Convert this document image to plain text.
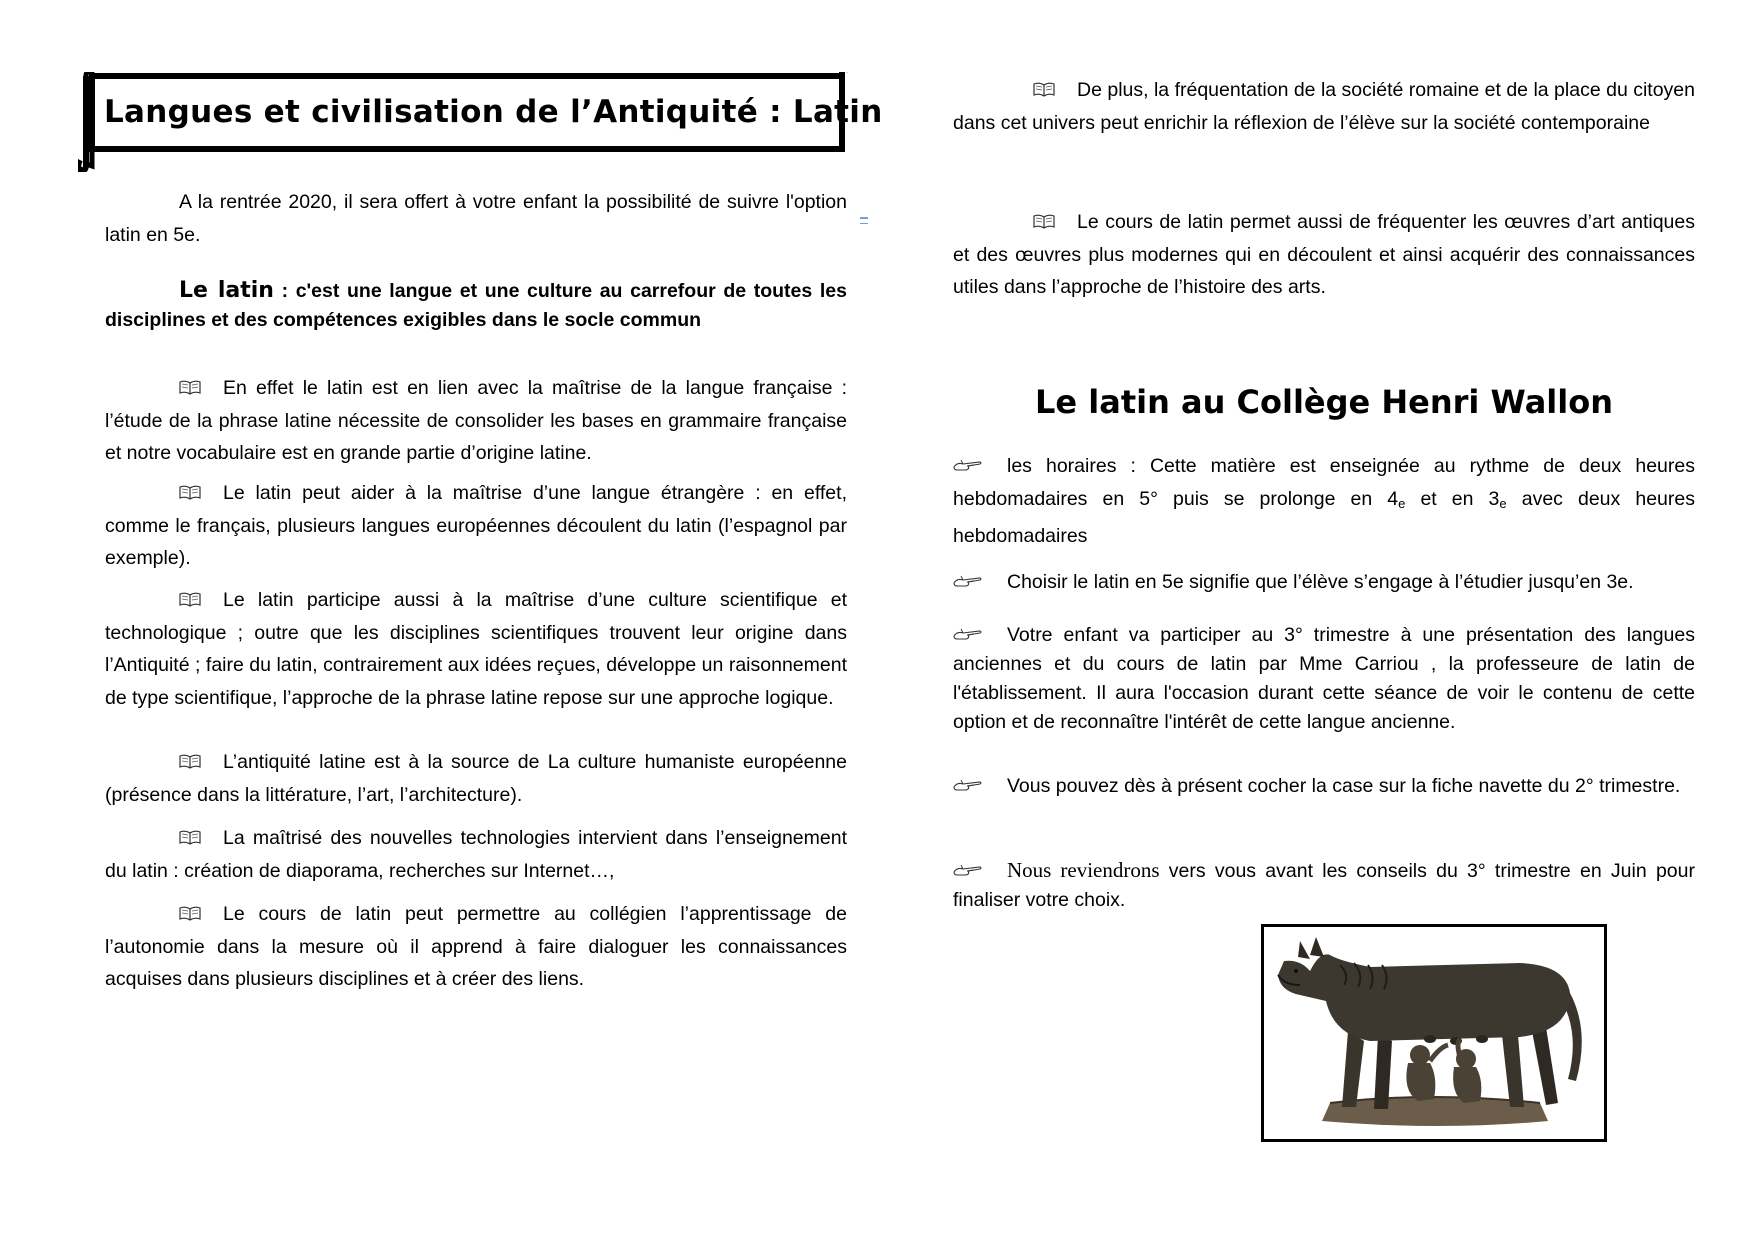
Langues et civilisation de l’Antiquité : Latin
A la rentrée 2020, il sera offert à votre enfant la possibilité de suivre l'option latin en 5e.
Le latin : c'est une langue et une culture au carrefour de toutes les disciplines et des compétences exigibles dans le socle commun
En effet le latin est en lien avec la maîtrise de la langue française : l’étude de la phrase latine nécessite de consolider les bases en grammaire française et notre vocabulaire est en grande partie d’origine latine.
Le latin peut aider à la maîtrise d’une langue étrangère : en effet, comme le français, plusieurs langues européennes découlent du latin (l’espagnol par exemple).
Le latin participe aussi à la maîtrise d’une culture scientifique et technologique ; outre que les disciplines scientifiques trouvent leur origine dans l’Antiquité ; faire du latin, contrairement aux idées reçues, développe un raisonnement de type scientifique, l’approche de la phrase latine repose sur une approche logique.
L’antiquité latine est à la source de La culture humaniste européenne (présence dans la littérature, l’art, l’architecture).
La maîtrisé des nouvelles technologies intervient dans l’enseignement du latin : création de diaporama, recherches sur Internet…,
Le cours de latin peut permettre au collégien l’apprentissage de l’autonomie dans la mesure où il apprend à faire dialoguer les connaissances acquises dans plusieurs disciplines et à créer des liens.
De plus, la fréquentation de la société romaine et de la place du citoyen dans cet univers peut enrichir la réflexion de l’élève sur la société contemporaine
Le cours de latin permet aussi de fréquenter les œuvres d’art antiques et des œuvres plus modernes qui en découlent et ainsi acquérir des connaissances utiles dans l’approche de l’histoire des arts.
Le latin au Collège Henri Wallon
les horaires : Cette matière est enseignée au rythme de deux heures hebdomadaires en 5° puis se prolonge en $4_e$ et en $3_e$ avec deux heures hebdomadaires
Choisir le latin en 5e signifie que l’élève s’engage à l’étudier jusqu’en 3e.
Votre enfant va participer au 3° trimestre à une présentation des langues anciennes et du cours de latin par Mme Carriou , la professeure de latin de l'établissement. Il aura l'occasion durant cette séance de voir le contenu de cette option et de reconnaître l'intérêt de cette langue ancienne.
Vous pouvez dès à présent cocher la case sur la fiche navette du 2° trimestre.
Nous reviendrons vers vous avant les conseils du 3° trimestre en Juin pour finaliser votre choix.
